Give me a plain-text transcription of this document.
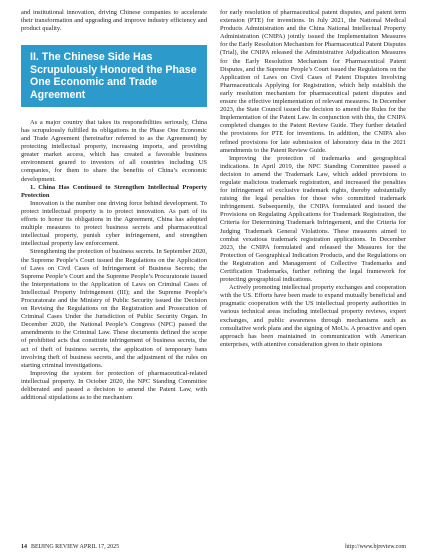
and institutional innovation, driving Chinese companies to accelerate their transformation and upgrading and improve industry efficiency and product quality.

II. The Chinese Side Has Scrupulously Honored the Phase One Economic and Trade Agreement

As a major country that takes its responsibilities seriously, China has scrupulously fulfilled its obligations in the Phase One Economic and Trade Agreement (hereinafter referred to as the Agreement) by protecting intellectual property, increasing imports, and providing greater market access, which has created a favorable business environment geared to investors of all countries including US companies, for them to share the benefits of China’s economic development.

1. China Has Continued to Strengthen Intellectual Property Protection

Innovation is the number one driving force behind development. To protect intellectual property is to protect innovation. As part of its efforts to honor its obligations in the Agreement, China has adopted multiple measures to protect business secrets and pharmaceutical intellectual property, punish cyber infringement, and strengthen intellectual property law enforcement.

Strengthening the protection of business secrets. In September 2020, the Supreme People’s Court issued the Regulations on the Application of Laws on Civil Cases of Infringement of Business Secrets; the Supreme People’s Court and the Supreme People’s Procuratorate issued the Interpretations to the Application of Laws on Criminal Cases of Intellectual Property Infringement (III); and the Supreme People’s Procuratorate and the Ministry of Public Security issued the Decision on Revising the Regulations on the Registration and Prosecution of Criminal Cases Under the Jurisdiction of Public Security Organ. In December 2020, the National People’s Congress (NPC) passed the amendments to the Criminal Law. These documents defined the scope of prohibited acts that constitute infringement of business secrets, the act of theft of business secrets, the application of temporary bans involving theft of business secrets, and the adjustment of the rules on starting criminal investigations.

Improving the system for protection of pharmaceutical-related intellectual property. In October 2020, the NPC Standing Committee deliberated and passed a decision to amend the Patent Law, with additional stipulations as to the mechanism

for early resolution of pharmaceutical patent disputes, and patent term extension (PTE) for inventions. In July 2021, the National Medical Products Administration and the China National Intellectual Property Administration (CNIPA) jointly issued the Implementation Measures for the Early Resolution Mechanism for Pharmaceutical Patent Disputes (Trial), the CNIPA released the Administrative Adjudication Measures for the Early Resolution Mechanism for Pharmaceutical Patent Disputes, and the Supreme People’s Court issued the Regulations on the Application of Laws on Civil Cases of Patent Disputes Involving Pharmaceuticals Applying for Registration, which help establish the early resolution mechanism for pharmaceutical patent disputes and ensure the effective implementation of relevant measures. In December 2023, the State Council issued the decision to amend the Rules for the Implementation of the Patent Law. In conjunction with this, the CNIPA completed changes to the Patent Review Guide. They further detailed the provisions for PTE for inventions. In addition, the CNIPA also refined provisions for late submission of laboratory data in the 2021 amendments to the Patent Review Guide.

Improving the protection of trademarks and geographical indications. In April 2019, the NPC Standing Committee passed a decision to amend the Trademark Law, which added provisions to regulate malicious trademark registration, and increased the penalties for infringement of exclusive trademark rights, thereby substantially raising the legal penalties for those who committed trademark infringement. Subsequently, the CNIPA formulated and issued the Provisions on Regulating Applications for Trademark Registration, the Criteria for Determining Trademark Infringement, and the Criteria for Judging Trademark General Violations. These measures aimed to combat vexatious trademark registration applications. In December 2023, the CNIPA formulated and released the Measures for the Protection of Geographical Indication Products, and the Regulations on the Registration and Management of Collective Trademarks and Certification Trademarks, further refining the legal framework for protecting geographical indications.

Actively promoting intellectual property exchanges and cooperation with the US. Efforts have been made to expand mutually beneficial and pragmatic cooperation with the US intellectual property authorities in various technical areas including intellectual property reviews, expert exchanges, and public awareness through mechanisms such as consultative work plans and the signing of MoUs. A proactive and open approach has been maintained in communication with American enterprises, with attentive consideration given to their opinions

14 BEIJING REVIEW APRIL 17, 2025	http://www.bjreview.com
